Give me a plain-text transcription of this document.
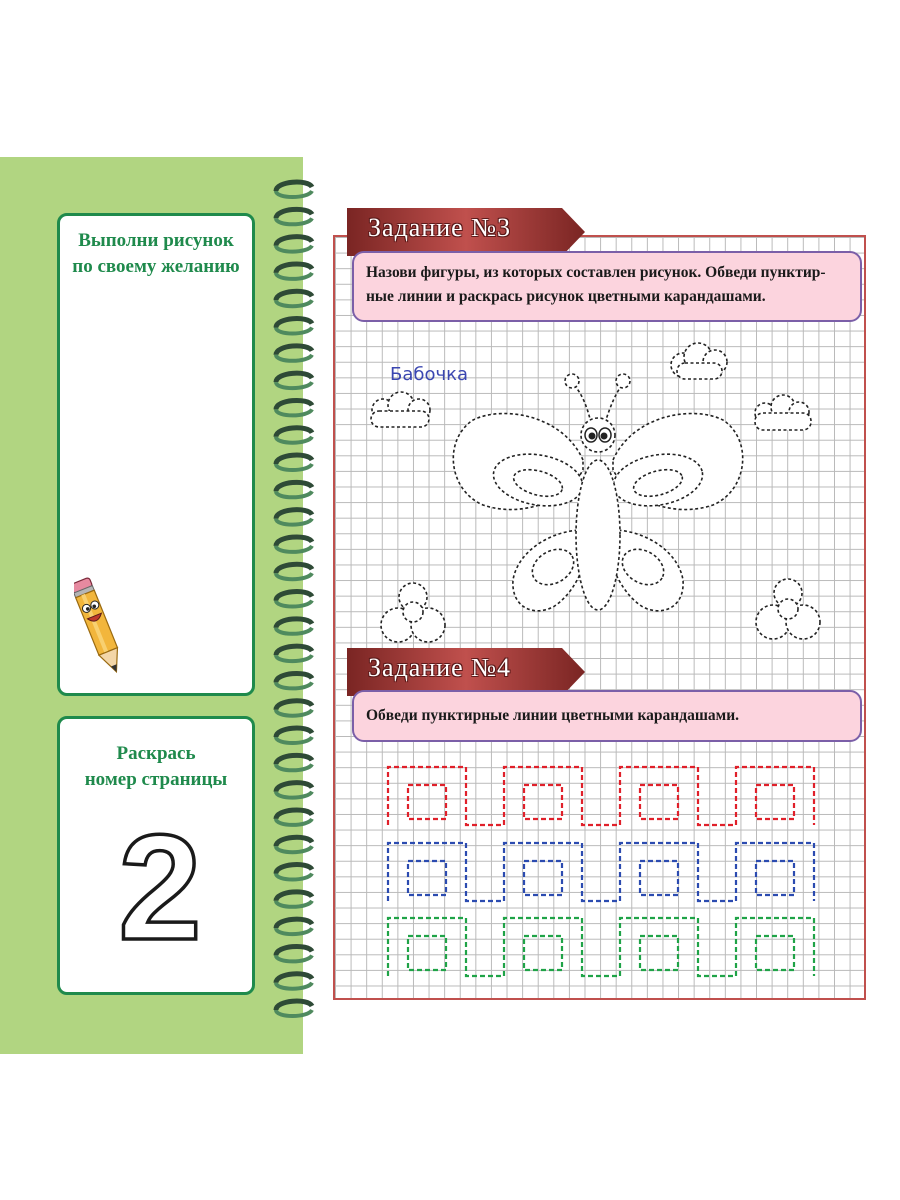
Выполни рисунок
по своему желанию
Раскрась
номер страницы
2
Задание №3
Назови фигуры, из которых составлен рисунок. Обведи пунктир-
ные линии и раскрась рисунок цветными карандашами.
Задание №4
Обведи пунктирные линии цветными карандашами.
Бабочка
